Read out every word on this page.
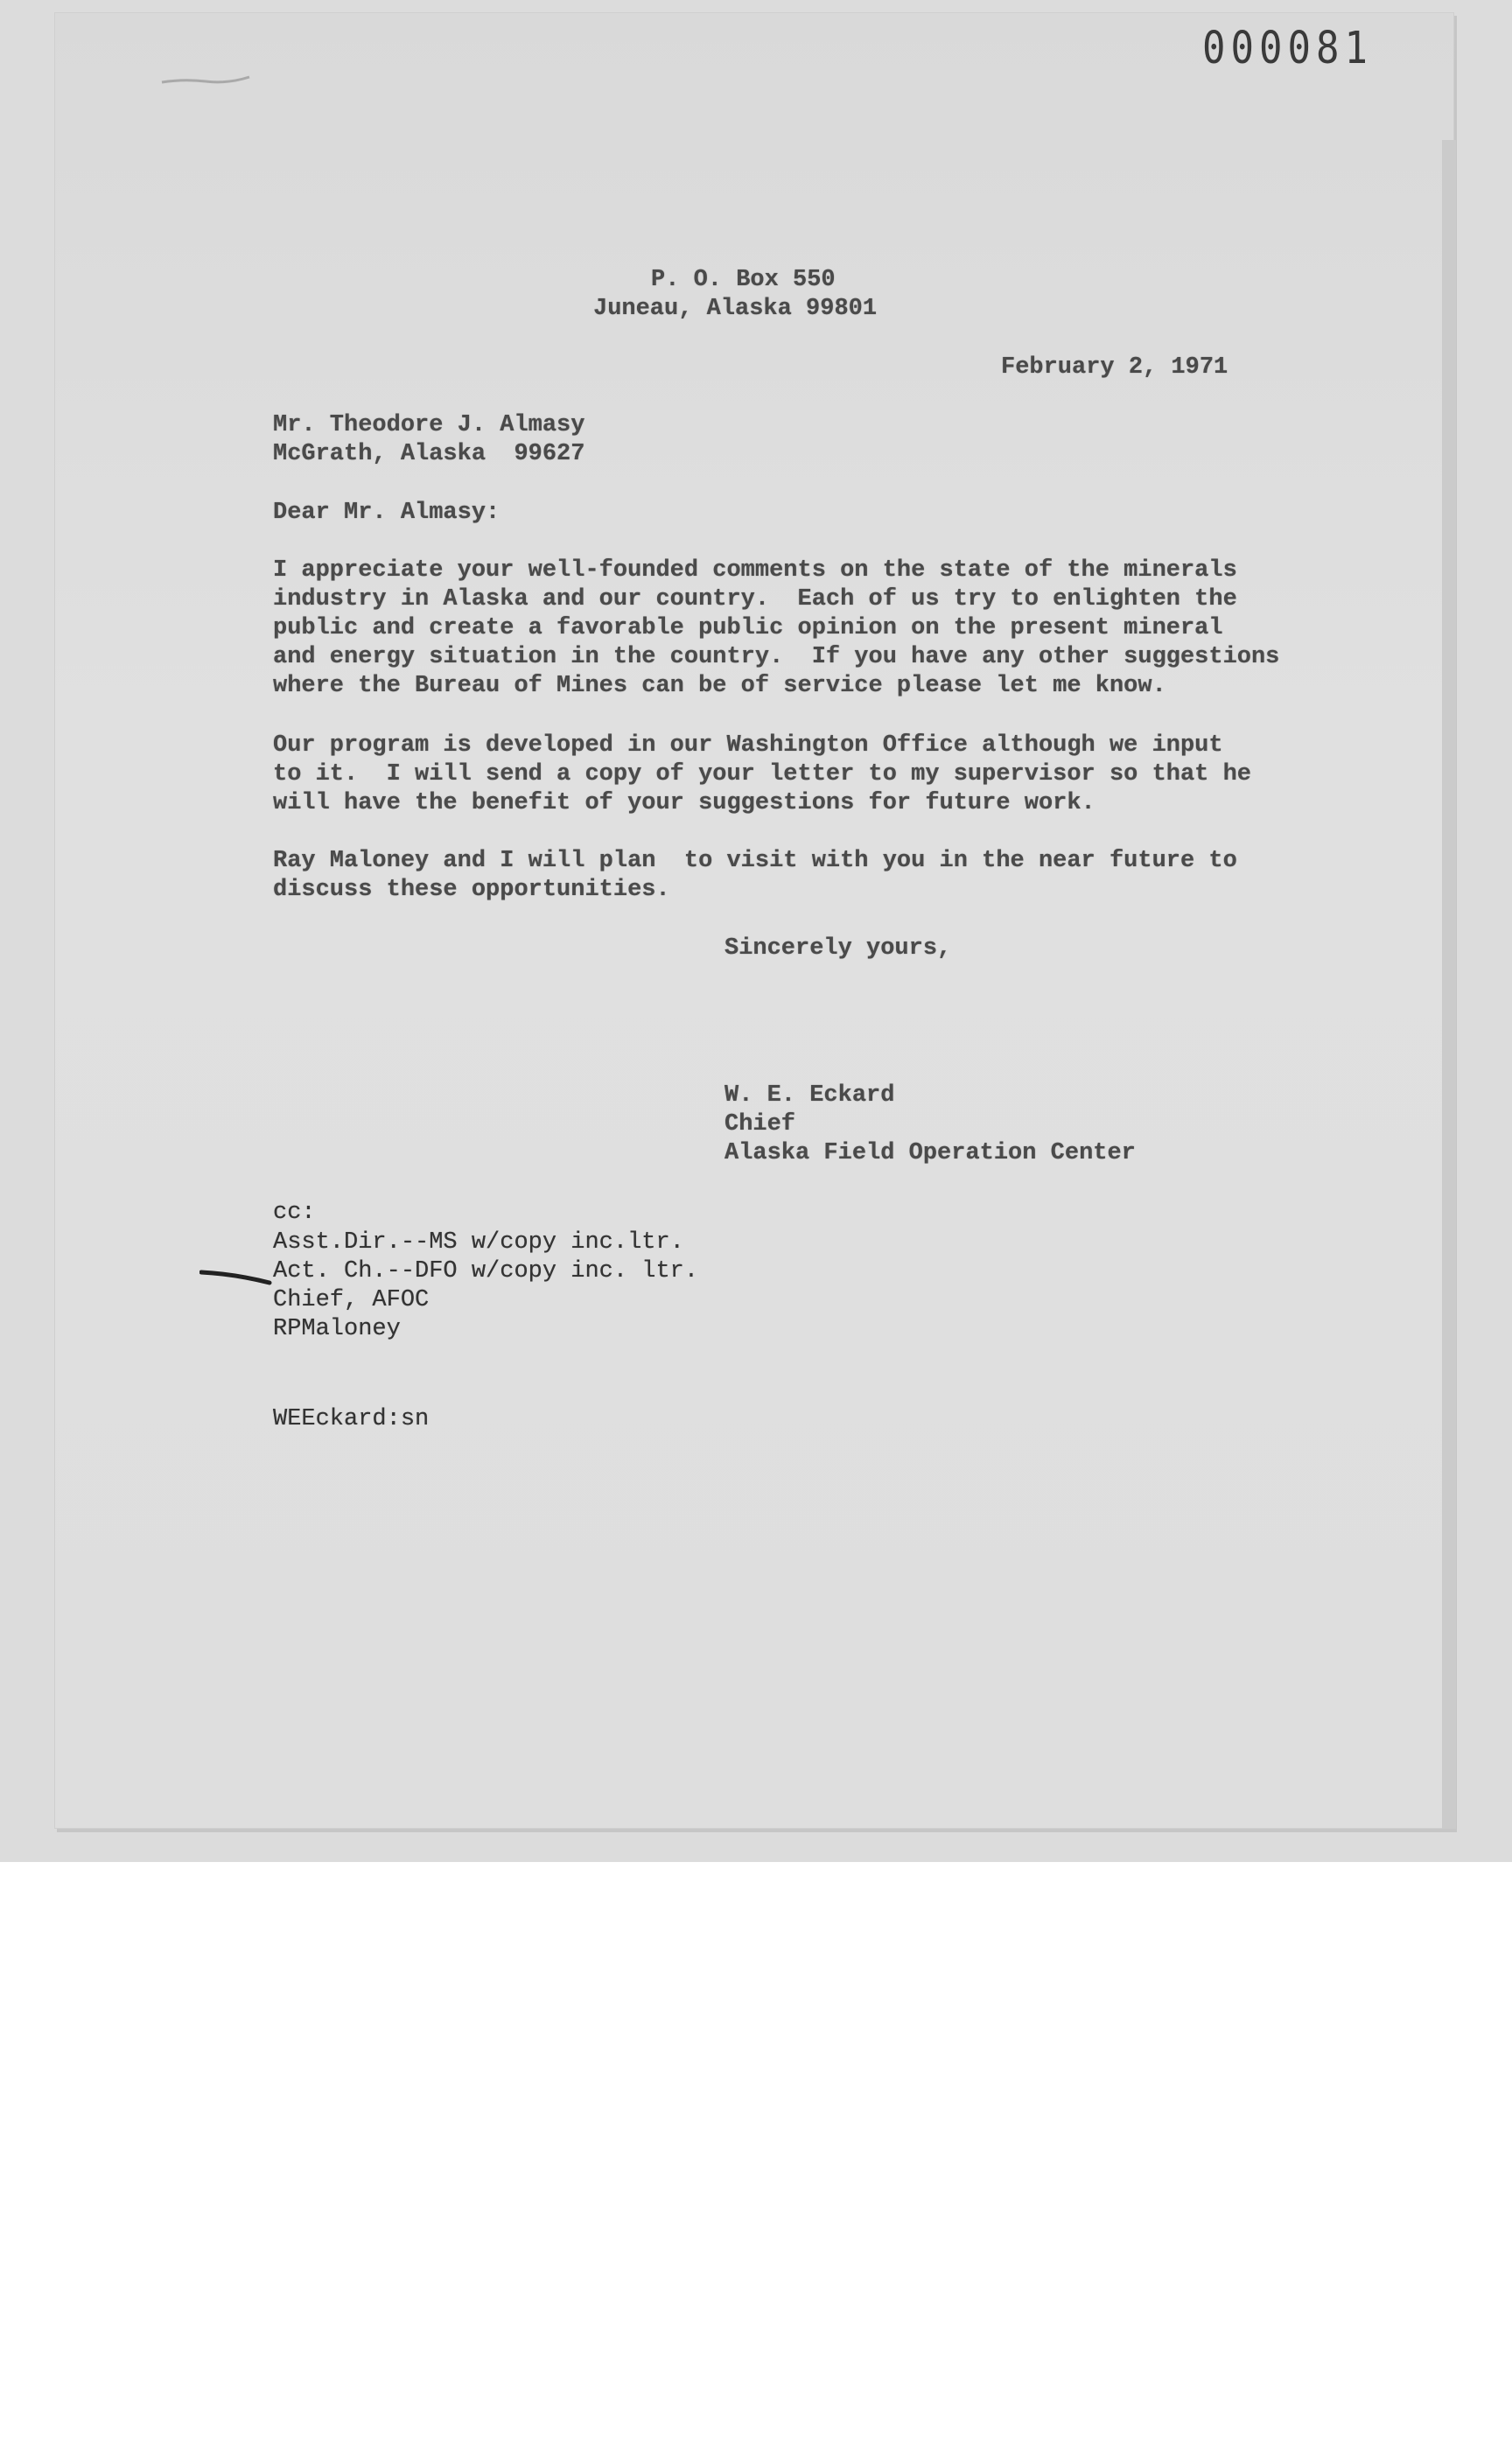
000081
P. O. Box 550
Juneau, Alaska 99801
February 2, 1971
Mr. Theodore J. Almasy
McGrath, Alaska  99627
Dear Mr. Almasy:
I appreciate your well-founded comments on the state of the minerals
industry in Alaska and our country.  Each of us try to enlighten the
public and create a favorable public opinion on the present mineral
and energy situation in the country.  If you have any other suggestions
where the Bureau of Mines can be of service please let me know.
Our program is developed in our Washington Office although we input
to it.  I will send a copy of your letter to my supervisor so that he
will have the benefit of your suggestions for future work.
Ray Maloney and I will plan  to visit with you in the near future to
discuss these opportunities.
Sincerely yours,
W. E. Eckard
Chief
Alaska Field Operation Center
cc:
Asst.Dir.--MS w/copy inc.ltr.
Act. Ch.--DFO w/copy inc. ltr.
Chief, AFOC
RPMaloney
WEEckard:sn
